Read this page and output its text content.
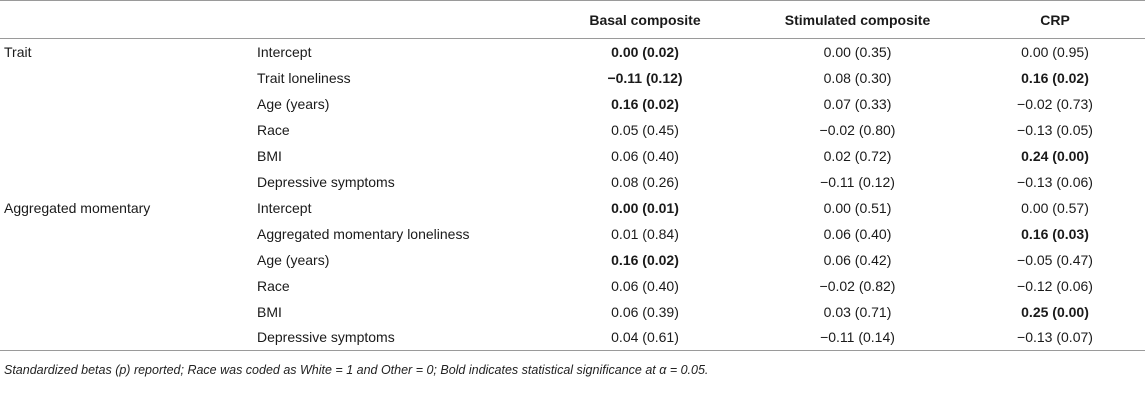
		Basal composite	Stimulated composite	CRP
Trait	Intercept	0.00 (0.02)	0.00 (0.35)	0.00 (0.95)
	Trait loneliness	−0.11 (0.12)	0.08 (0.30)	0.16 (0.02)
	Age (years)	0.16 (0.02)	0.07 (0.33)	−0.02 (0.73)
	Race	0.05 (0.45)	−0.02 (0.80)	−0.13 (0.05)
	BMI	0.06 (0.40)	0.02 (0.72)	0.24 (0.00)
	Depressive symptoms	0.08 (0.26)	−0.11 (0.12)	−0.13 (0.06)
Aggregated momentary	Intercept	0.00 (0.01)	0.00 (0.51)	0.00 (0.57)
	Aggregated momentary loneliness	0.01 (0.84)	0.06 (0.40)	0.16 (0.03)
	Age (years)	0.16 (0.02)	0.06 (0.42)	−0.05 (0.47)
	Race	0.06 (0.40)	−0.02 (0.82)	−0.12 (0.06)
	BMI	0.06 (0.39)	0.03 (0.71)	0.25 (0.00)
	Depressive symptoms	0.04 (0.61)	−0.11 (0.14)	−0.13 (0.07)
Standardized betas (p) reported; Race was coded as White = 1 and Other = 0; Bold indicates statistical significance at α = 0.05.
